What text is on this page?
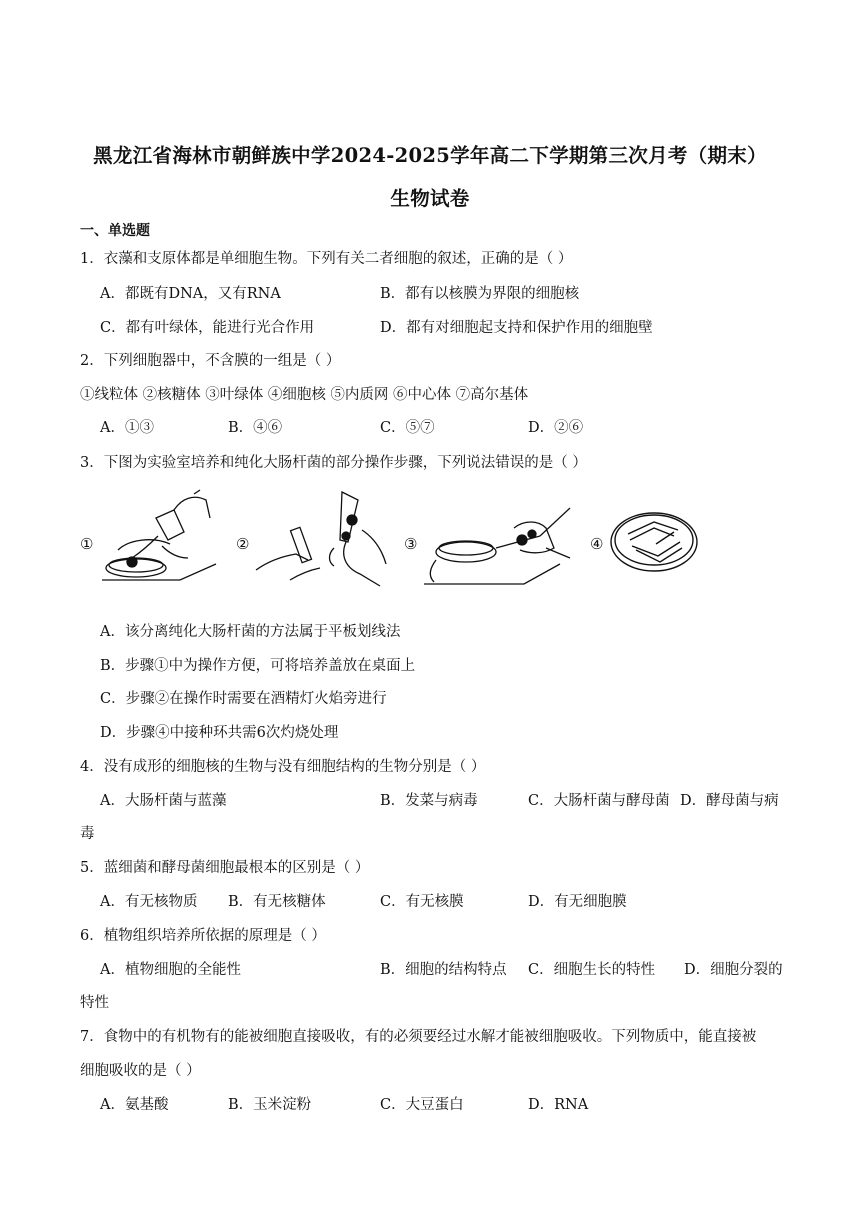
黑龙江省海林市朝鲜族中学2024-2025学年高二下学期第三次月考（期末）
生物试卷
一、单选题
1．衣藻和支原体都是单细胞生物。下列有关二者细胞的叙述，正确的是（ ）
A．都既有DNA，又有RNA	B．都有以核膜为界限的细胞核
C．都有叶绿体，能进行光合作用	D．都有对细胞起支持和保护作用的细胞壁
2．下列细胞器中，不含膜的一组是（ ）
①线粒体 ②核糖体 ③叶绿体 ④细胞核 ⑤内质网 ⑥中心体 ⑦高尔基体
A．①③	B．④⑥	C．⑤⑦	D．②⑥
3．下图为实验室培养和纯化大肠杆菌的部分操作步骤，下列说法错误的是（ ）
①	②	③	④
A．该分离纯化大肠杆菌的方法属于平板划线法
B．步骤①中为操作方便，可将培养盖放在桌面上
C．步骤②在操作时需要在酒精灯火焰旁进行
D．步骤④中接种环共需6次灼烧处理
4．没有成形的细胞核的生物与没有细胞结构的生物分别是（ ）
A．大肠杆菌与蓝藻	B．发菜与病毒	C．大肠杆菌与酵母菌 D．酵母菌与病
毒
5．蓝细菌和酵母菌细胞最根本的区别是（ ）
A．有无核物质 B．有无核糖体	C．有无核膜	D．有无细胞膜
6．植物组织培养所依据的原理是（ ）
A．植物细胞的全能性	B．细胞的结构特点 C．细胞生长的特性 D．细胞分裂的
特性
7．食物中的有机物有的能被细胞直接吸收，有的必须要经过水解才能被细胞吸收。下列物质中，能直接被
细胞吸收的是（ ）
A．氨基酸	B．玉米淀粉	C．大豆蛋白	D．RNA
